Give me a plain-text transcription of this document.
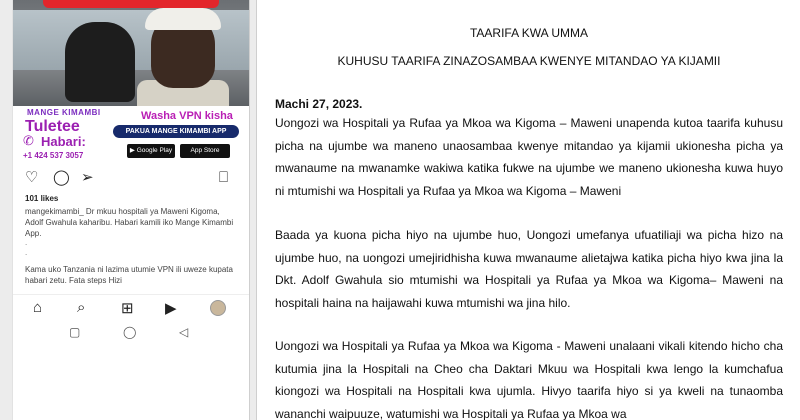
MANGE KIMAMBI
Tuletee
✆ Habari:
+1 424 537 3057
Washa VPN kisha
PAKUA MANGE KIMAMBI APP
▶ Google Play	App Store
♡ ◯ ➢	⎕
101 likes
mangekimambi_ Dr mkuu hospitali ya Maweni Kigoma, Adolf Gwahula kaharibu. Habari kamili iko Mange Kimambi App.
.
.
Kama uko Tanzania ni lazima utumie VPN ili uweze kupata habari zetu. Fata steps Hizi
⌂ ⌕ ⊞ ▶
▢	◯	◁
TAARIFA KWA UMMA
KUHUSU TAARIFA ZINAZOSAMBAA KWENYE MITANDAO YA KIJAMII
Machi 27, 2023.
Uongozi wa Hospitali ya Rufaa ya Mkoa wa Kigoma – Maweni unapenda kutoa taarifa kuhusu picha na ujumbe wa maneno unaosambaa kwenye mitandao ya kijamii ukionesha picha ya mwanaume na mwanamke wakiwa katika fukwe na ujumbe we maneno ukionesha kuwa huyo ni mtumishi wa Hospitali ya Rufaa ya Mkoa wa Kigoma – Maweni
Baada ya kuona picha hiyo na ujumbe huo, Uongozi umefanya ufuatiliaji wa picha hizo na ujumbe huo, na uongozi umejiridhisha kuwa mwanaume alietajwa katika picha hiyo kwa jina la Dkt. Adolf Gwahula sio mtumishi wa Hospitali ya Rufaa ya Mkoa wa Kigoma– Maweni na hospitali haina na haijawahi kuwa mtumishi wa jina hilo.
Uongozi wa Hospitali ya Rufaa ya Mkoa wa Kigoma - Maweni unalaani vikali kitendo hicho cha kutumia jina la Hospitali na Cheo cha Daktari Mkuu wa Hospitali kwa lengo la kumchafua kiongozi wa Hospitali na Hospitali kwa ujumla. Hivyo taarifa hiyo si ya kweli na tunaomba wananchi waipuuze, watumishi wa Hospitali ya Rufaa ya Mkoa wa
